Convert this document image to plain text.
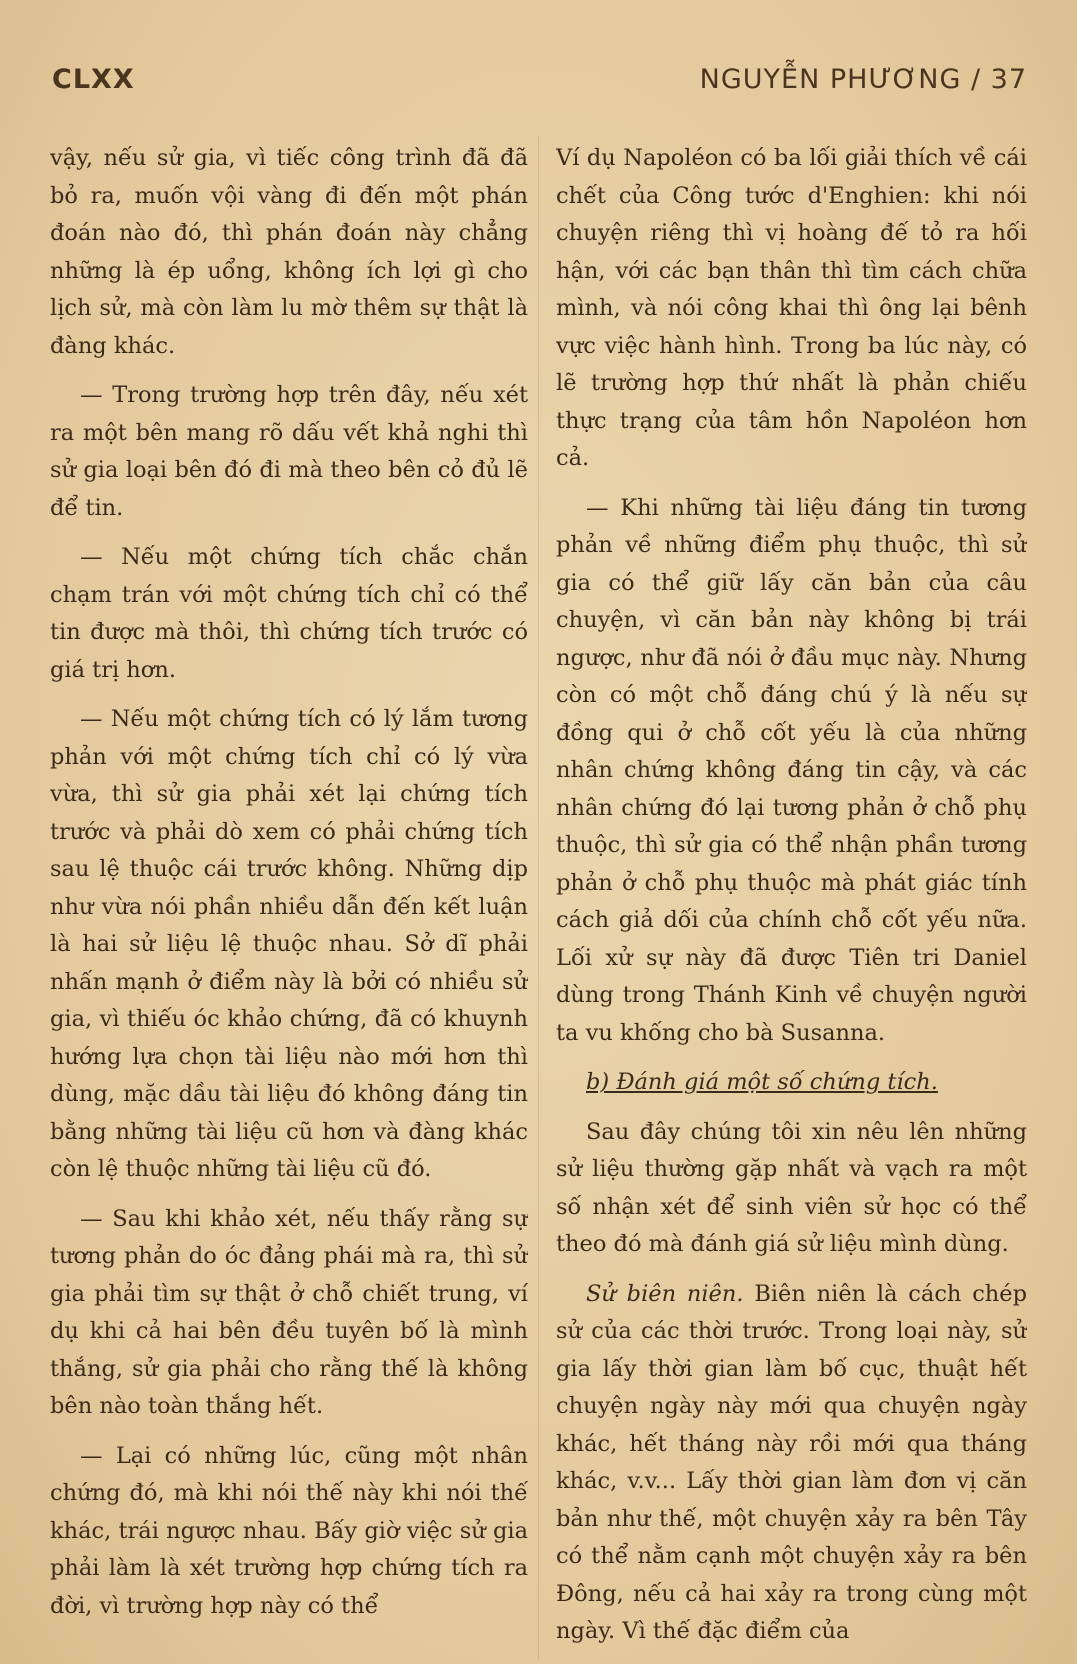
CLXX	NGUYỄN PHƯƠNG / 37

vậy, nếu sử gia, vì tiếc công trình đã đã bỏ ra, muốn vội vàng đi đến một phán đoán nào đó, thì phán đoán này chẳng những là ép uổng, không ích lợi gì cho lịch sử, mà còn làm lu mờ thêm sự thật là đàng khác.

— Trong trường hợp trên đây, nếu xét ra một bên mang rõ dấu vết khả nghi thì sử gia loại bên đó đi mà theo bên cỏ đủ lẽ để tin.

— Nếu một chứng tích chắc chắn chạm trán với một chứng tích chỉ có thể tin được mà thôi, thì chứng tích trước có giá trị hơn.

— Nếu một chứng tích có lý lắm tương phản với một chứng tích chỉ có lý vừa vừa, thì sử gia phải xét lại chứng tích trước và phải dò xem có phải chứng tích sau lệ thuộc cái trước không. Những dịp như vừa nói phần nhiều dẫn đến kết luận là hai sử liệu lệ thuộc nhau. Sở dĩ phải nhấn mạnh ở điểm này là bởi có nhiều sử gia, vì thiếu óc khảo chứng, đã có khuynh hướng lựa chọn tài liệu nào mới hơn thì dùng, mặc dầu tài liệu đó không đáng tin bằng những tài liệu cũ hơn và đàng khác còn lệ thuộc những tài liệu cũ đó.

— Sau khi khảo xét, nếu thấy rằng sự tương phản do óc đảng phái mà ra, thì sử gia phải tìm sự thật ở chỗ chiết trung, ví dụ khi cả hai bên đều tuyên bố là mình thắng, sử gia phải cho rằng thế là không bên nào toàn thắng hết.

— Lại có những lúc, cũng một nhân chứng đó, mà khi nói thế này khi nói thế khác, trái ngược nhau. Bấy giờ việc sử gia phải làm là xét trường hợp chứng tích ra đời, vì trường hợp này có thể

Ví dụ Napoléon có ba lối giải thích về cái chết của Công tước d'Enghien: khi nói chuyện riêng thì vị hoàng đế tỏ ra hối hận, với các bạn thân thì tìm cách chữa mình, và nói công khai thì ông lại bênh vực việc hành hình. Trong ba lúc này, có lẽ trường hợp thứ nhất là phản chiếu thực trạng của tâm hồn Napoléon hơn cả.

— Khi những tài liệu đáng tin tương phản về những điểm phụ thuộc, thì sử gia có thể giữ lấy căn bản của câu chuyện, vì căn bản này không bị trái ngược, như đã nói ở đầu mục này. Nhưng còn có một chỗ đáng chú ý là nếu sự đồng qui ở chỗ cốt yếu là của những nhân chứng không đáng tin cậy, và các nhân chứng đó lại tương phản ở chỗ phụ thuộc, thì sử gia có thể nhận phần tương phản ở chỗ phụ thuộc mà phát giác tính cách giả dối của chính chỗ cốt yếu nữa. Lối xử sự này đã được Tiên tri Daniel dùng trong Thánh Kinh về chuyện người ta vu khống cho bà Susanna.

b) Đánh giá một số chứng tích.

Sau đây chúng tôi xin nêu lên những sử liệu thường gặp nhất và vạch ra một số nhận xét để sinh viên sử học có thể theo đó mà đánh giá sử liệu mình dùng.

Sử biên niên. Biên niên là cách chép sử của các thời trước. Trong loại này, sử gia lấy thời gian làm bố cục, thuật hết chuyện ngày này mới qua chuyện ngày khác, hết tháng này rồi mới qua tháng khác, v.v... Lấy thời gian làm đơn vị căn bản như thế, một chuyện xảy ra bên Tây có thể nằm cạnh một chuyện xảy ra bên Đông, nếu cả hai xảy ra trong cùng một ngày. Vì thế đặc điểm của
